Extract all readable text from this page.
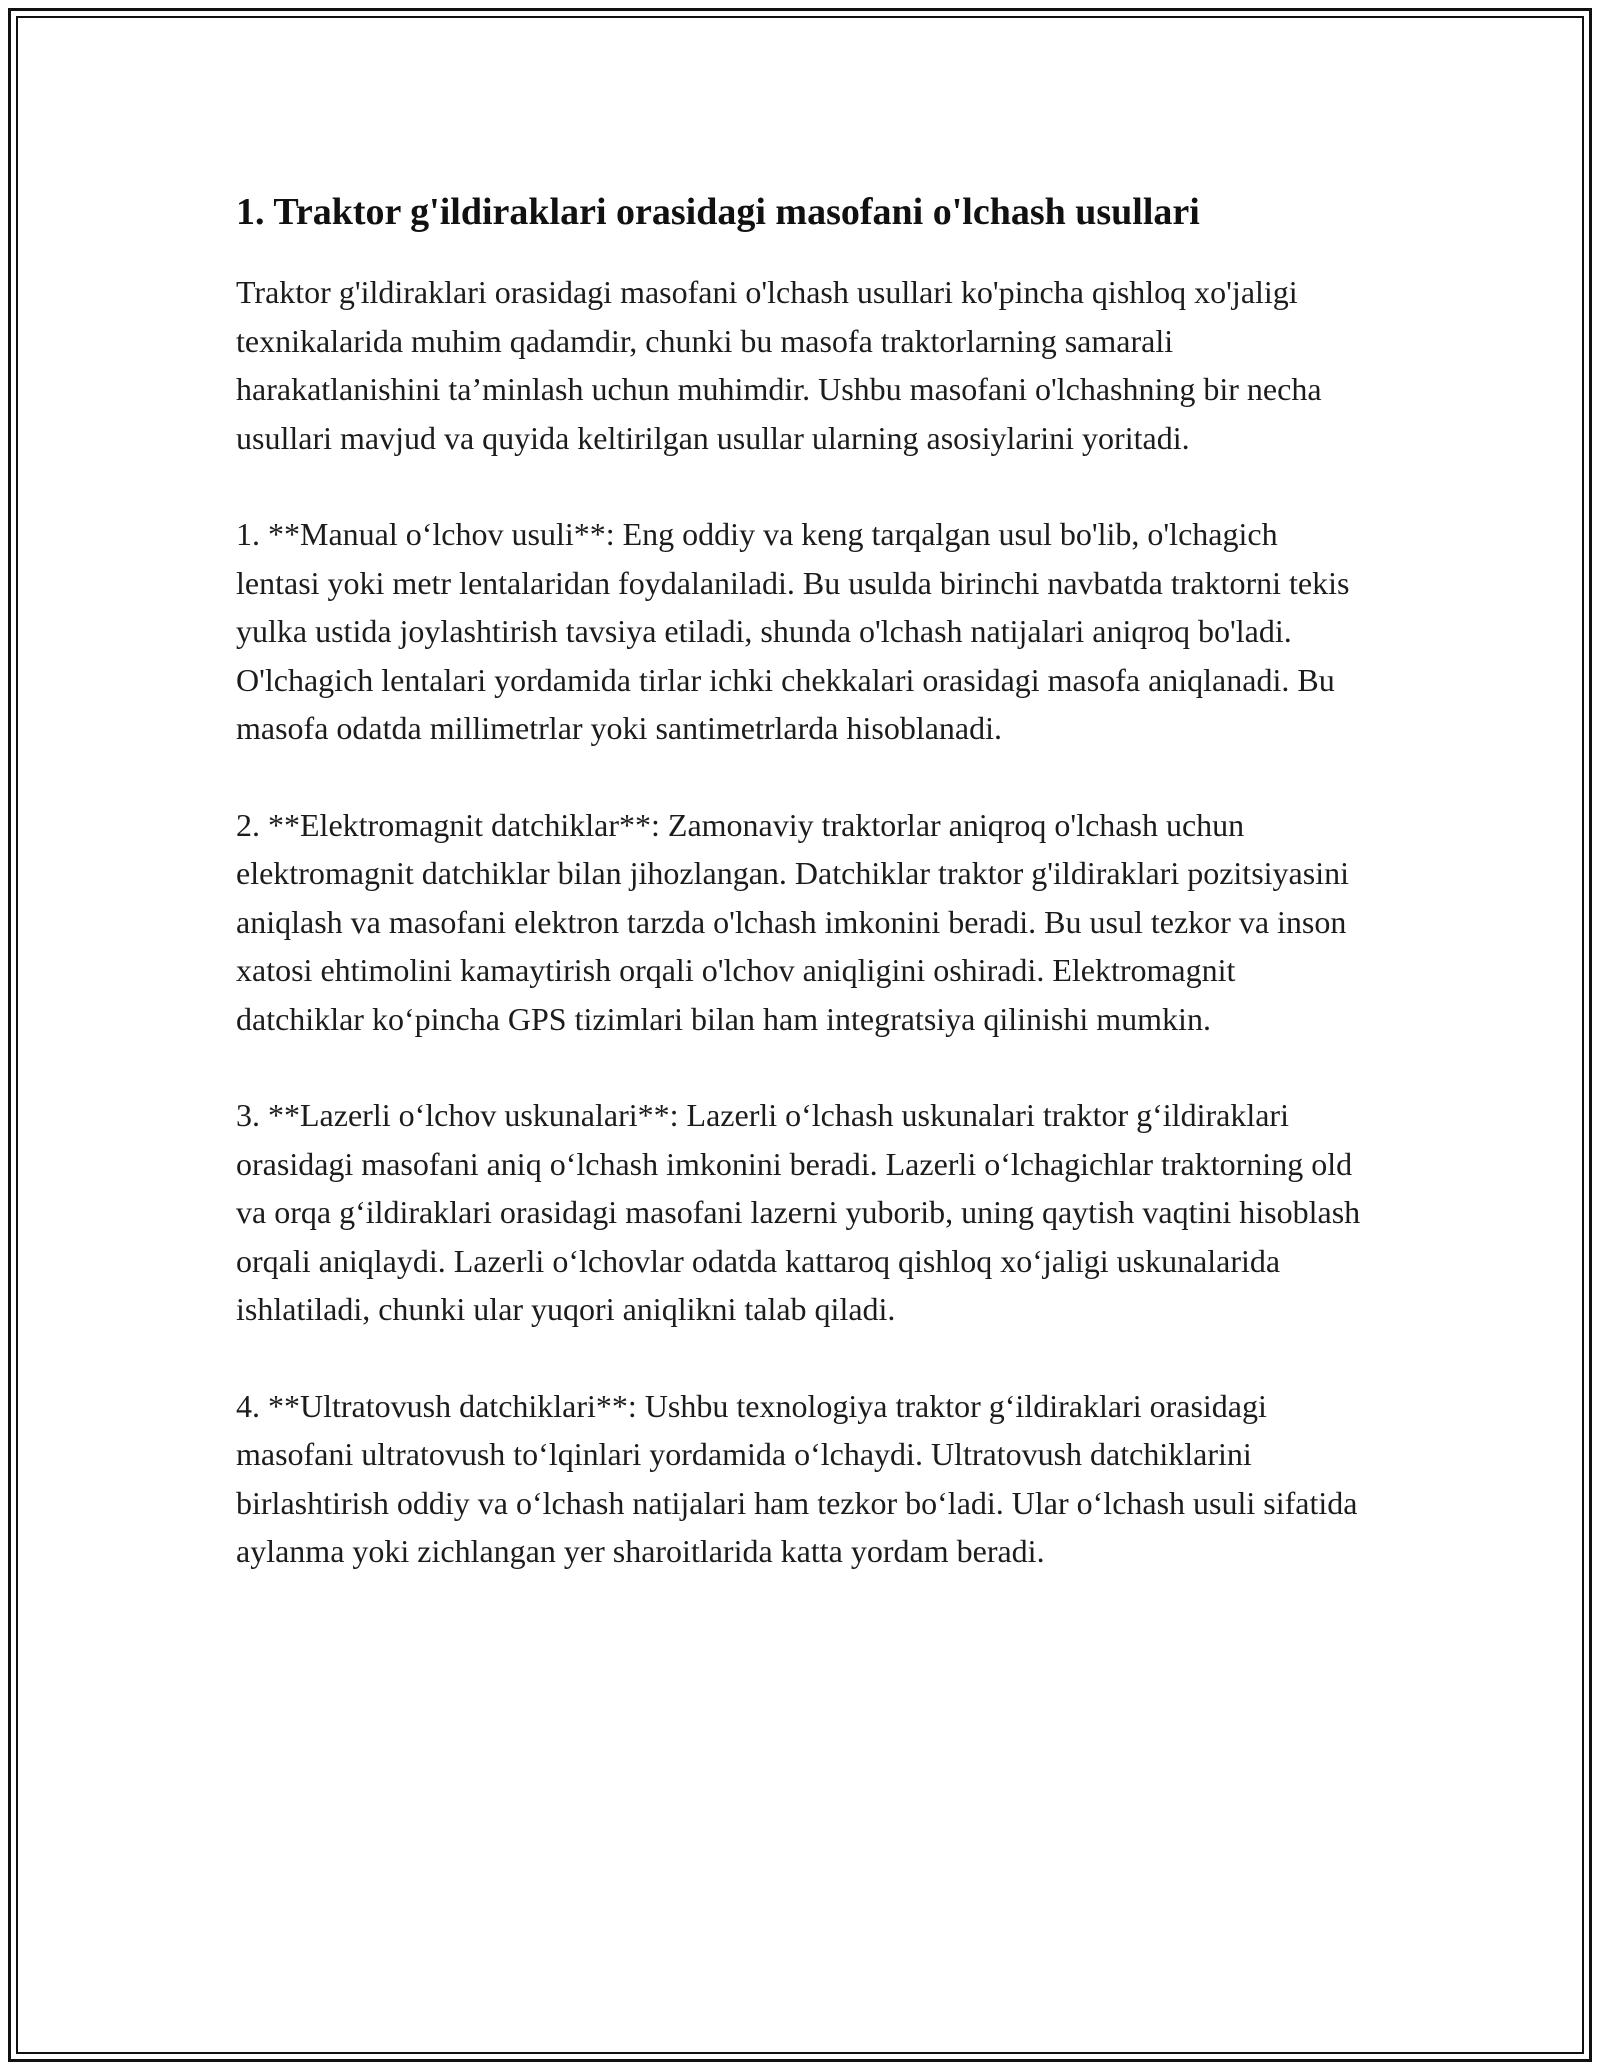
1. Traktor g'ildiraklari orasidagi masofani o'lchash usullari

Traktor g'ildiraklari orasidagi masofani o'lchash usullari ko'pincha qishloq xo'jaligi texnikalarida muhim qadamdir, chunki bu masofa traktorlarning samarali harakatlanishini ta’minlash uchun muhimdir. Ushbu masofani o'lchashning bir necha usullari mavjud va quyida keltirilgan usullar ularning asosiylarini yoritadi.

1. **Manual o‘lchov usuli**: Eng oddiy va keng tarqalgan usul bo'lib, o'lchagich lentasi yoki metr lentalaridan foydalaniladi. Bu usulda birinchi navbatda traktorni tekis yulka ustida joylashtirish tavsiya etiladi, shunda o'lchash natijalari aniqroq bo'ladi. O'lchagich lentalari yordamida tirlar ichki chekkalari orasidagi masofa aniqlanadi. Bu masofa odatda millimetrlar yoki santimetrlarda hisoblanadi.

2. **Elektromagnit datchiklar**: Zamonaviy traktorlar aniqroq o'lchash uchun elektromagnit datchiklar bilan jihozlangan. Datchiklar traktor g'ildiraklari pozitsiyasini aniqlash va masofani elektron tarzda o'lchash imkonini beradi. Bu usul tezkor va inson xatosi ehtimolini kamaytirish orqali o'lchov aniqligini oshiradi. Elektromagnit datchiklar ko‘pincha GPS tizimlari bilan ham integratsiya qilinishi mumkin.

3. **Lazerli o‘lchov uskunalari**: Lazerli o‘lchash uskunalari traktor g‘ildiraklari orasidagi masofani aniq o‘lchash imkonini beradi. Lazerli o‘lchagichlar traktorning old va orqa g‘ildiraklari orasidagi masofani lazerni yuborib, uning qaytish vaqtini hisoblash orqali aniqlaydi. Lazerli o‘lchovlar odatda kattaroq qishloq xo‘jaligi uskunalarida ishlatiladi, chunki ular yuqori aniqlikni talab qiladi.

4. **Ultratovush datchiklari**: Ushbu texnologiya traktor g‘ildiraklari orasidagi masofani ultratovush to‘lqinlari yordamida o‘lchaydi. Ultratovush datchiklarini birlashtirish oddiy va o‘lchash natijalari ham tezkor bo‘ladi. Ular o‘lchash usuli sifatida aylanma yoki zichlangan yer sharoitlarida katta yordam beradi.
